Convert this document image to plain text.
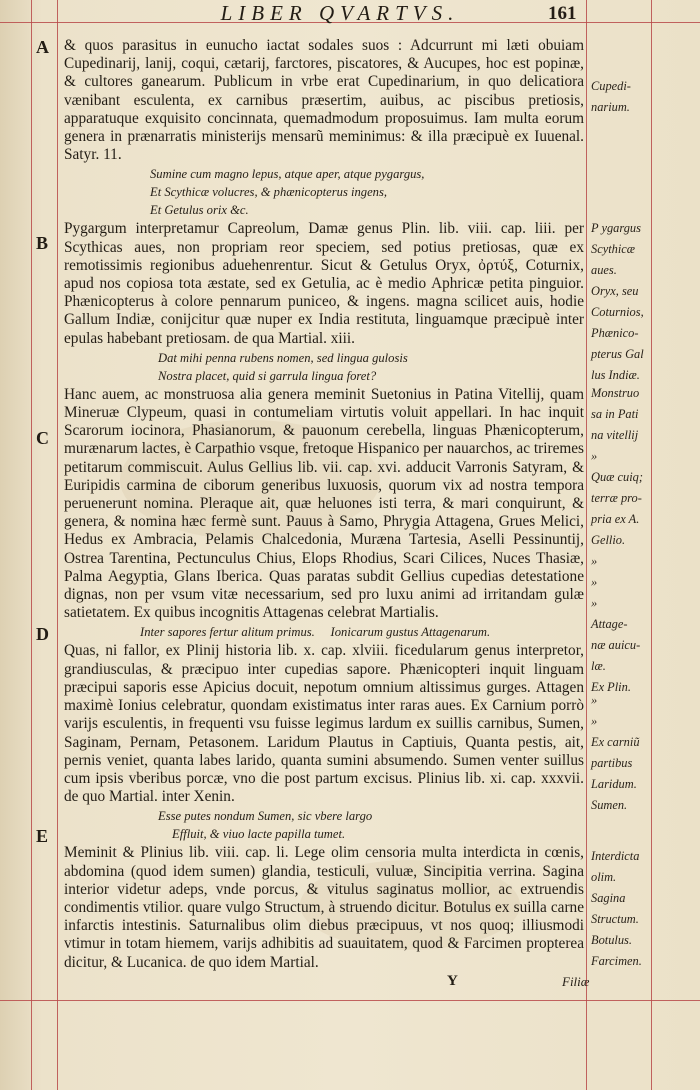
LIBER QVARTVS.	161
A
B
C
D
E

& quos parasitus in eunucho iactat sodales suos : Adcurrunt mi læti obuiam Cupedinarij, lanij, coqui, cætarij, farctores, piscatores, & Aucupes, hoc est popinæ, & cultores ganearum. Publicum in vrbe erat Cupedinarium, in quo delicatiora vænibant esculenta, ex carnibus præsertim, auibus, ac piscibus pretiosis, apparatuque exquisito concinnata, quemadmodum proposuimus. Iam multa eorum genera in prænarratis ministerijs mensarũ meminimus: & illa præcipuè ex Iuuenal. Satyr. 11.

Sumine cum magno lepus, atque aper, atque pygargus,
Et Scythicæ volucres, & phænicopterus ingens,
Et Getulus orix &c.

Pygargum interpretamur Capreolum, Damæ genus Plin. lib. viii. cap. liii. per Scythicas aues, non propriam reor speciem, sed potius pretiosas, quæ ex remotissimis regionibus aduehenrentur. Sicut & Getulus Oryx, ὀρτύξ, Coturnix, apud nos copiosa tota æstate, sed ex Getulia, ac è medio Aphricæ petita pinguior. Phænicopterus à colore pennarum puniceo, & ingens. magna scilicet auis, hodie Gallum Indiæ, conijcitur quæ nuper ex India restituta, linguamque præcipuè inter epulas habebant pretiosam. de qua Martial. xiii.

Dat mihi penna rubens nomen, sed lingua gulosis
Nostra placet, quid si garrula lingua foret?

Hanc auem, ac monstruosa alia genera meminit Suetonius in Patina Vitellij, quam Mineruæ Clypeum, quasi in contumeliam virtutis voluit appellari. In hac inquit Scarorum iocinora, Phasianorum, & pauonum cerebella, linguas Phænicopterum, murænarum lactes, è Carpathio vsque, fretoque Hispanico per nauarchos, ac triremes petitarum commiscuit. Aulus Gellius lib. vii. cap. xvi. adducit Varronis Satyram, & Euripidis carmina de ciborum generibus luxuosis, quorum vix ad nostra tempora peruenerunt nomina. Pleraque ait, quæ heluones isti terra, & mari conquirunt, & genera, & nomina hæc fermè sunt. Pauus à Samo, Phrygia Attagena, Grues Melici, Hedus ex Ambracia, Pelamis Chalcedonia, Muræna Tartesia, Aselli Pessinuntij, Ostrea Tarentina, Pectunculus Chius, Elops Rhodius, Scari Cilices, Nuces Thasiæ, Palma Aegyptia, Glans Iberica. Quas paratas subdit Gellius cupedias detestatione dignas, non per vsum vitæ necessarium, sed pro luxu animi ad irritandam gulæ satietatem. Ex quibus incognitis Attagenas celebrat Martialis.

Inter sapores fertur alitum primus.     Ionicarum gustus Attagenarum.

Quas, ni fallor, ex Plinij historia lib. x. cap. xlviii. ficedularum genus interpretor, grandiusculas, & præcipuo inter cupedias sapore. Phænicopteri inquit linguam præcipui saporis esse Apicius docuit, nepotum omnium altissimus gurges. Attagen maximè Ionius celebratur, quondam existimatus inter raras aues. Ex Carnium porrò varijs esculentis, in frequenti vsu fuisse legimus lardum ex suillis carnibus, Sumen, Saginam, Pernam, Petasonem. Laridum Plautus in Captiuis, Quanta pestis, ait, pernis veniet, quanta labes larido, quanta sumini absumendo. Sumen venter suillus cum ipsis vberibus porcæ, vno die post partum excisus. Plinius lib. xi. cap. xxxvii. de quo Martial. inter Xenin.

Esse putes nondum Sumen, sic vbere largo
Effluit, & viuo lacte papilla tumet.

Meminit & Plinius lib. viii. cap. li. Lege olim censoria multa interdicta in cœnis, abdomina (quod idem sumen) glandia, testiculi, vuluæ, Sincipitia verrina. Sagina interior videtur adeps, vnde porcus, & vitulus saginatus mollior, ac extruendis condimentis vtilior. quare vulgo Structum, à struendo dicitur. Botulus ex suilla carne infarctis intestinis. Saturnalibus olim diebus præcipuus, vt nos quoq; illiusmodi vtimur in totam hiemem, varijs adhibitis ad suauitatem, quod & Farcimen propterea dicitur, & Lucanica. de quo idem Martial.

Y	Filiæ
Cupedi-
narium.
P ygargus
Scythicæ
aues.
Oryx, seu
Coturnios,
Phænico-
pterus Gal
lus Indiæ.
Monstruo
sa in Pati
na vitellij
»
Quæ cuiq;
terræ pro-
pria ex A.
Gellio.
»
»
»
Attage-
næ auicu-
læ.
Ex Plin.
»
»
Ex carniũ
partibus
Laridum.
Sumen.
Interdicta
olim.
Sagina
Structum.
Botulus.
Farcimen.
